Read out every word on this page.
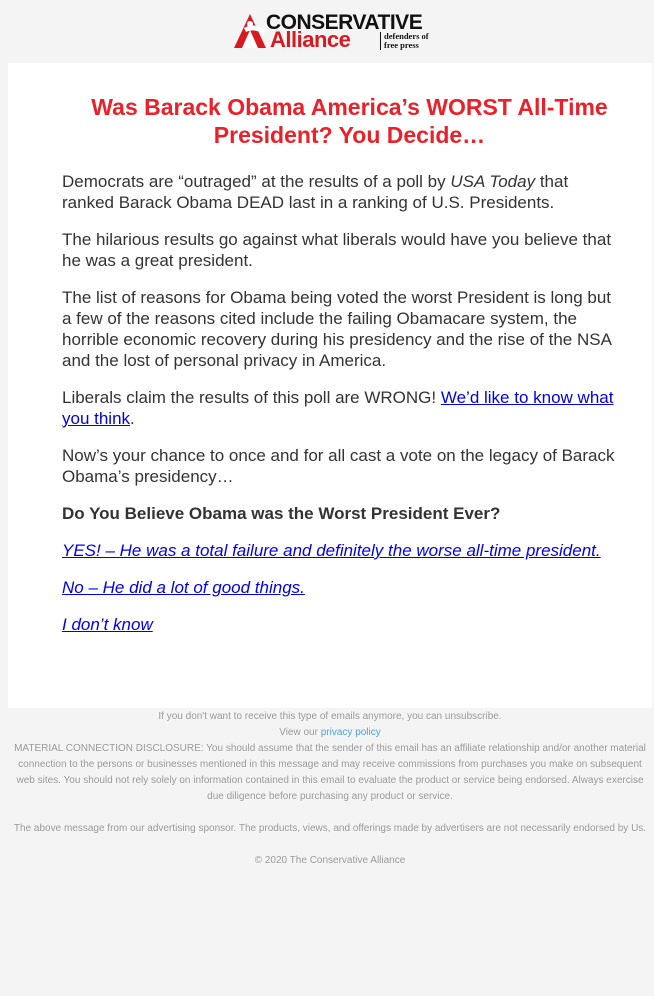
CONSERVATIVE
Alliance	defenders of
free press
Was Barack Obama America’s WORST All-Time President? You Decide…

Democrats are “outraged” at the results of a poll by USA Today that ranked Barack Obama DEAD last in a ranking of U.S. Presidents.

The hilarious results go against what liberals would have you believe that he was a great president.

The list of reasons for Obama being voted the worst President is long but a few of the reasons cited include the failing Obamacare system, the horrible economic recovery during his presidency and the rise of the NSA and the lost of personal privacy in America.

Liberals claim the results of this poll are WRONG! We’d like to know what you think.

Now’s your chance to once and for all cast a vote on the legacy of Barack Obama’s presidency…

Do You Believe Obama was the Worst President Ever?

YES! – He was a total failure and definitely the worse all-time president.

No – He did a lot of good things.

I don’t know

If you don't want to receive this type of emails anymore, you can unsubscribe.

View our privacy policy

MATERIAL CONNECTION DISCLOSURE: You should assume that the sender of this email has an affiliate relationship and/or another material connection to the persons or businesses mentioned in this message and may receive commissions from purchases you make on subsequent web sites. You should not rely solely on information contained in this email to evaluate the product or service being endorsed. Always exercise due diligence before purchasing any product or service.

The above message from our advertising sponsor. The products, views, and offerings made by advertisers are not necessarily endorsed by Us.

© 2020 The Conservative Alliance
